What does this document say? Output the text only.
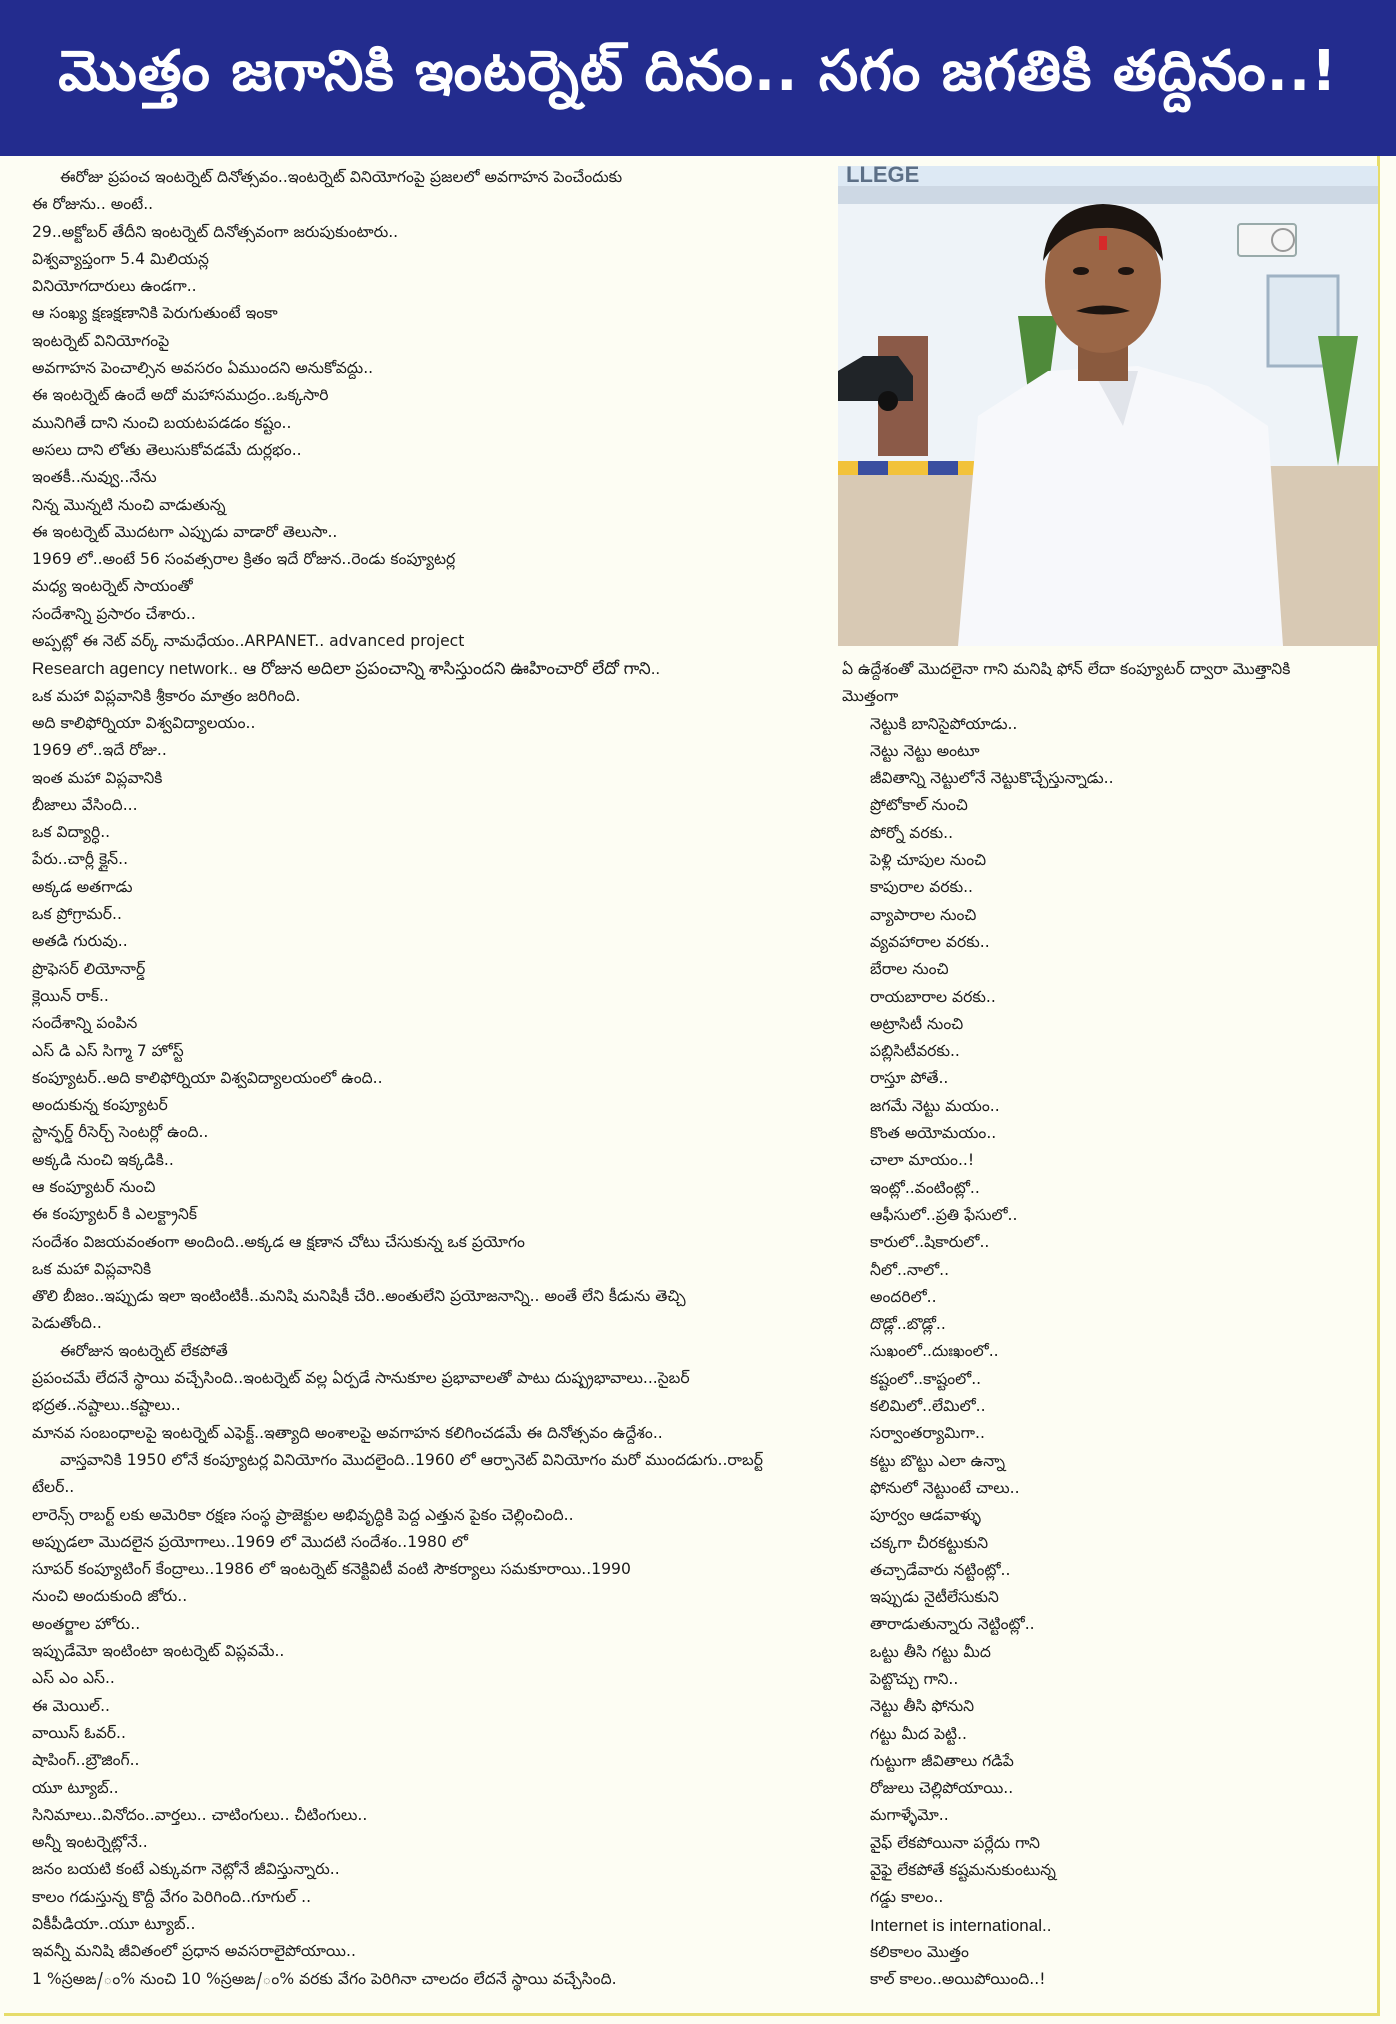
మొత్తం జగానికి ఇంటర్నెట్ దినం.. సగం జగతికి తద్దినం..!
ఈరోజు ప్రపంచ ఇంటర్నెట్ దినోత్సవం..ఇంటర్నెట్ వినియోగంపై ప్రజలలో అవగాహన పెంచేందుకు
ఈ రోజును.. అంటే..
29..అక్టోబర్ తేదీని ఇంటర్నెట్ దినోత్సవంగా జరుపుకుంటారు..
విశ్వవ్యాప్తంగా 5.4 మిలియన్ల
వినియోగదారులు ఉండగా..
ఆ సంఖ్య క్షణక్షణానికి పెరుగుతుంటే ఇంకా
ఇంటర్నెట్ వినియోగంపై
అవగాహన పెంచాల్సిన అవసరం ఏముందని అనుకోవద్దు..
ఈ ఇంటర్నెట్ ఉందే అదో మహాసముద్రం..ఒక్కసారి
మునిగితే దాని నుంచి బయటపడడం కష్టం..
అసలు దాని లోతు తెలుసుకోవడమే దుర్లభం..
ఇంతకీ..నువ్వు..నేను
నిన్న మొన్నటి నుంచి వాడుతున్న
ఈ ఇంటర్నెట్ మొదటగా ఎప్పుడు వాడారో తెలుసా..
1969 లో..అంటే 56 సంవత్సరాల క్రితం ఇదే రోజున..రెండు కంప్యూటర్ల
మధ్య ఇంటర్నెట్ సాయంతో
సందేశాన్ని ప్రసారం చేశారు..
అప్పట్లో ఈ నెట్ వర్క్ నామధేయం..ARPANET.. advanced project
Research agency network.. ఆ రోజున అదిలా ప్రపంచాన్ని శాసిస్తుందని ఊహించారో లేదో గాని..
ఒక మహా విప్లవానికి శ్రీకారం మాత్రం జరిగింది.
అది కాలిఫోర్నియా విశ్వవిద్యాలయం..
1969 లో..ఇదే రోజు..
ఇంత మహా విప్లవానికి
బీజాలు వేసింది...
ఒక విద్యార్ధి..
పేరు..చార్లీ క్లైన్..
అక్కడ అతగాడు
ఒక ప్రోగ్రామర్..
అతడి గురువు..
ప్రొఫెసర్ లియోనార్డ్
క్లెయిన్ రాక్..
సందేశాన్ని పంపిన
ఎస్ డి ఎస్ సిగ్మా 7 హోస్ట్
కంప్యూటర్..అది కాలిఫోర్నియా విశ్వవిద్యాలయంలో ఉంది..
అందుకున్న కంప్యూటర్
స్టాన్ఫర్డ్ రీసెర్చ్ సెంటర్లో ఉంది..
అక్కడి నుంచి ఇక్కడికి..
ఆ కంప్యూటర్ నుంచి
ఈ కంప్యూటర్ కి ఎలక్ట్రానిక్
సందేశం విజయవంతంగా అందింది..అక్కడ ఆ క్షణాన చోటు చేసుకున్న ఒక ప్రయోగం
ఒక మహా విప్లవానికి
తొలి బీజం..ఇప్పుడు ఇలా ఇంటింటికీ..మనిషి మనిషికీ చేరి..అంతులేని ప్రయోజనాన్ని.. అంతే లేని కీడును తెచ్చి
పెడుతోంది..
ఈరోజున ఇంటర్నెట్ లేకపోతే
ప్రపంచమే లేదనే స్థాయి వచ్చేసింది..ఇంటర్నెట్ వల్ల ఏర్పడే సానుకూల ప్రభావాలతో పాటు దుష్ప్రభావాలు...సైబర్
భద్రత..నష్టాలు..కష్టాలు..
మానవ సంబంధాలపై ఇంటర్నెట్ ఎఫెక్ట్..ఇత్యాది అంశాలపై అవగాహన కలిగించడమే ఈ దినోత్సవం ఉద్దేశం..
వాస్తవానికి 1950 లోనే కంప్యూటర్ల వినియోగం మొదలైంది..1960 లో ఆర్పానెట్ వినియోగం మరో ముందడుగు..రాబర్ట్
టేలర్..
లారెన్స్ రాబర్ట్ లకు అమెరికా రక్షణ సంస్థ ప్రాజెక్టుల అభివృద్ధికి పెద్ద ఎత్తున పైకం చెల్లించింది..
అప్పుడలా మొదలైన ప్రయోగాలు..1969 లో మొదటి సందేశం..1980 లో
సూపర్ కంప్యూటింగ్ కేంద్రాలు..1986 లో ఇంటర్నెట్ కనెక్టివిటీ వంటి సౌకర్యాలు సమకూరాయి..1990
నుంచి అందుకుంది జోరు..
అంతర్జాల హోరు..
ఇప్పుడేమో ఇంటింటా ఇంటర్నెట్ విప్లవమే..
ఎస్ ఎం ఎస్..
ఈ మెయిల్..
వాయిస్ ఓవర్..
షాపింగ్..బ్రౌజింగ్..
యూ ట్యూబ్..
సినిమాలు..వినోదం..వార్తలు.. చాటింగులు.. చీటింగులు..
అన్నీ ఇంటర్నెట్లోనే..
జనం బయటి కంటే ఎక్కువగా నెట్లోనే జీవిస్తున్నారు..
కాలం గడుస్తున్న కొద్దీ వేగం పెరిగింది..గూగుల్ ..
వికీపీడియా..యూ ట్యూబ్..
ఇవన్నీ మనిషి జీవితంలో ప్రధాన అవసరాలైపోయాయి..
1 %స్రఅఙ/ం% నుంచి 10 %స్రఅఙ/ం% వరకు వేగం పెరిగినా చాలదం లేదనే స్థాయి వచ్చేసింది.
LLEGE
ఏ ఉద్దేశంతో మొదలైనా గాని మనిషి ఫోన్ లేదా కంప్యూటర్ ద్వారా మొత్తానికి
మొత్తంగా
నెట్టుకి బానిసైపోయాడు..
నెట్టు నెట్టు అంటూ
జీవితాన్ని నెట్టులోనే నెట్టుకొచ్చేస్తున్నాడు..
ప్రోటోకాల్ నుంచి
పోర్నో వరకు..
పెళ్లి చూపుల నుంచి
కాపురాల వరకు..
వ్యాపారాల నుంచి
వ్యవహారాల వరకు..
బేరాల నుంచి
రాయబారాల వరకు..
అట్రాసిటీ నుంచి
పబ్లిసిటీవరకు..
రాస్తూ పోతే..
జగమే నెట్టు మయం..
కొంత అయోమయం..
చాలా మాయం..!
ఇంట్లో..వంటింట్లో..
ఆఫీసులో..ప్రతి ఫేసులో..
కారులో..షికారులో..
నీలో..నాలో..
అందరిలో..
దొడ్లో..బొడ్లో..
సుఖంలో..దుఃఖంలో..
కష్టంలో..కాష్టంలో..
కలిమిలో..లేమిలో..
సర్వాంతర్యామిగా..
కట్టు బొట్టు ఎలా ఉన్నా
ఫోనులో నెట్టుంటే చాలు..
పూర్వం ఆడవాళ్ళు
చక్కగా చీరకట్టుకుని
తచ్చాడేవారు నట్టింట్లో..
ఇప్పుడు నైటీలేసుకుని
తారాడుతున్నారు నెట్టింట్లో..
ఒట్టు తీసి గట్టు మీద
పెట్టొచ్చు గాని..
నెట్టు తీసి ఫోనుని
గట్టు మీద పెట్టి..
గుట్టుగా జీవితాలు గడిపే
రోజులు చెల్లిపోయాయి..
మగాళ్ళేమో..
వైఫ్ లేకపోయినా పర్లేదు గాని
వైఫై లేకపోతే కష్టమనుకుంటున్న
గడ్డు కాలం..
Internet is international..
కలికాలం మొత్తం
కాల్ కాలం..అయిపోయింది..!
